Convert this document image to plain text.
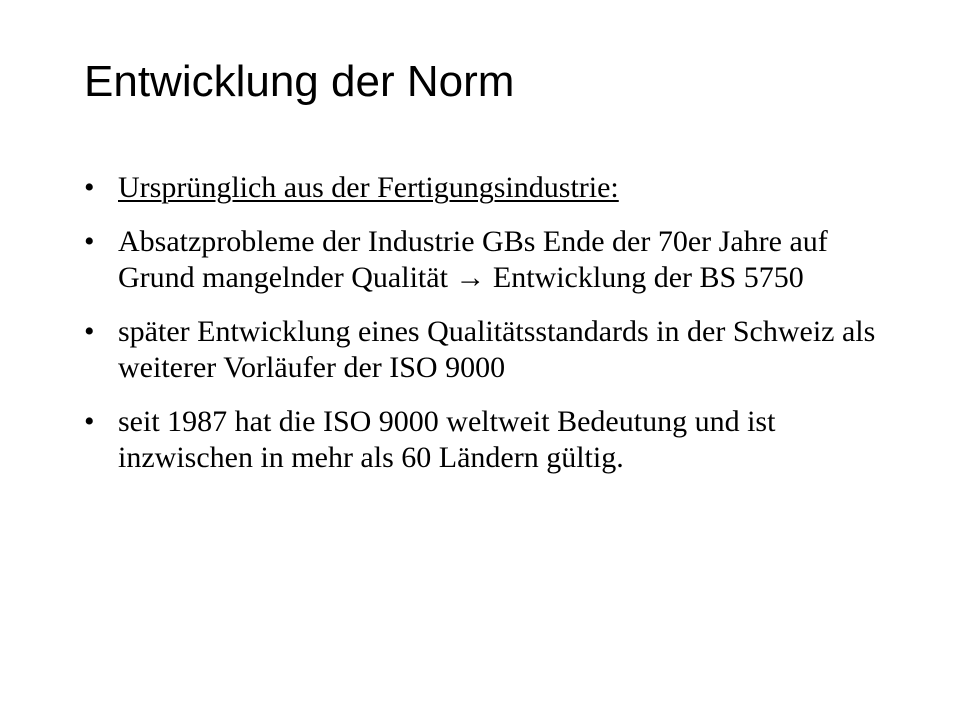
Entwicklung der Norm
• Ursprünglich aus der Fertigungsindustrie:
• Absatzprobleme der Industrie GBs Ende der 70er Jahre auf Grund mangelnder Qualität → Entwicklung der BS 5750
• später Entwicklung eines Qualitätsstandards in der Schweiz als weiterer Vorläufer der ISO 9000
• seit 1987 hat die ISO 9000 weltweit Bedeutung und ist inzwischen in mehr als 60 Ländern gültig.
